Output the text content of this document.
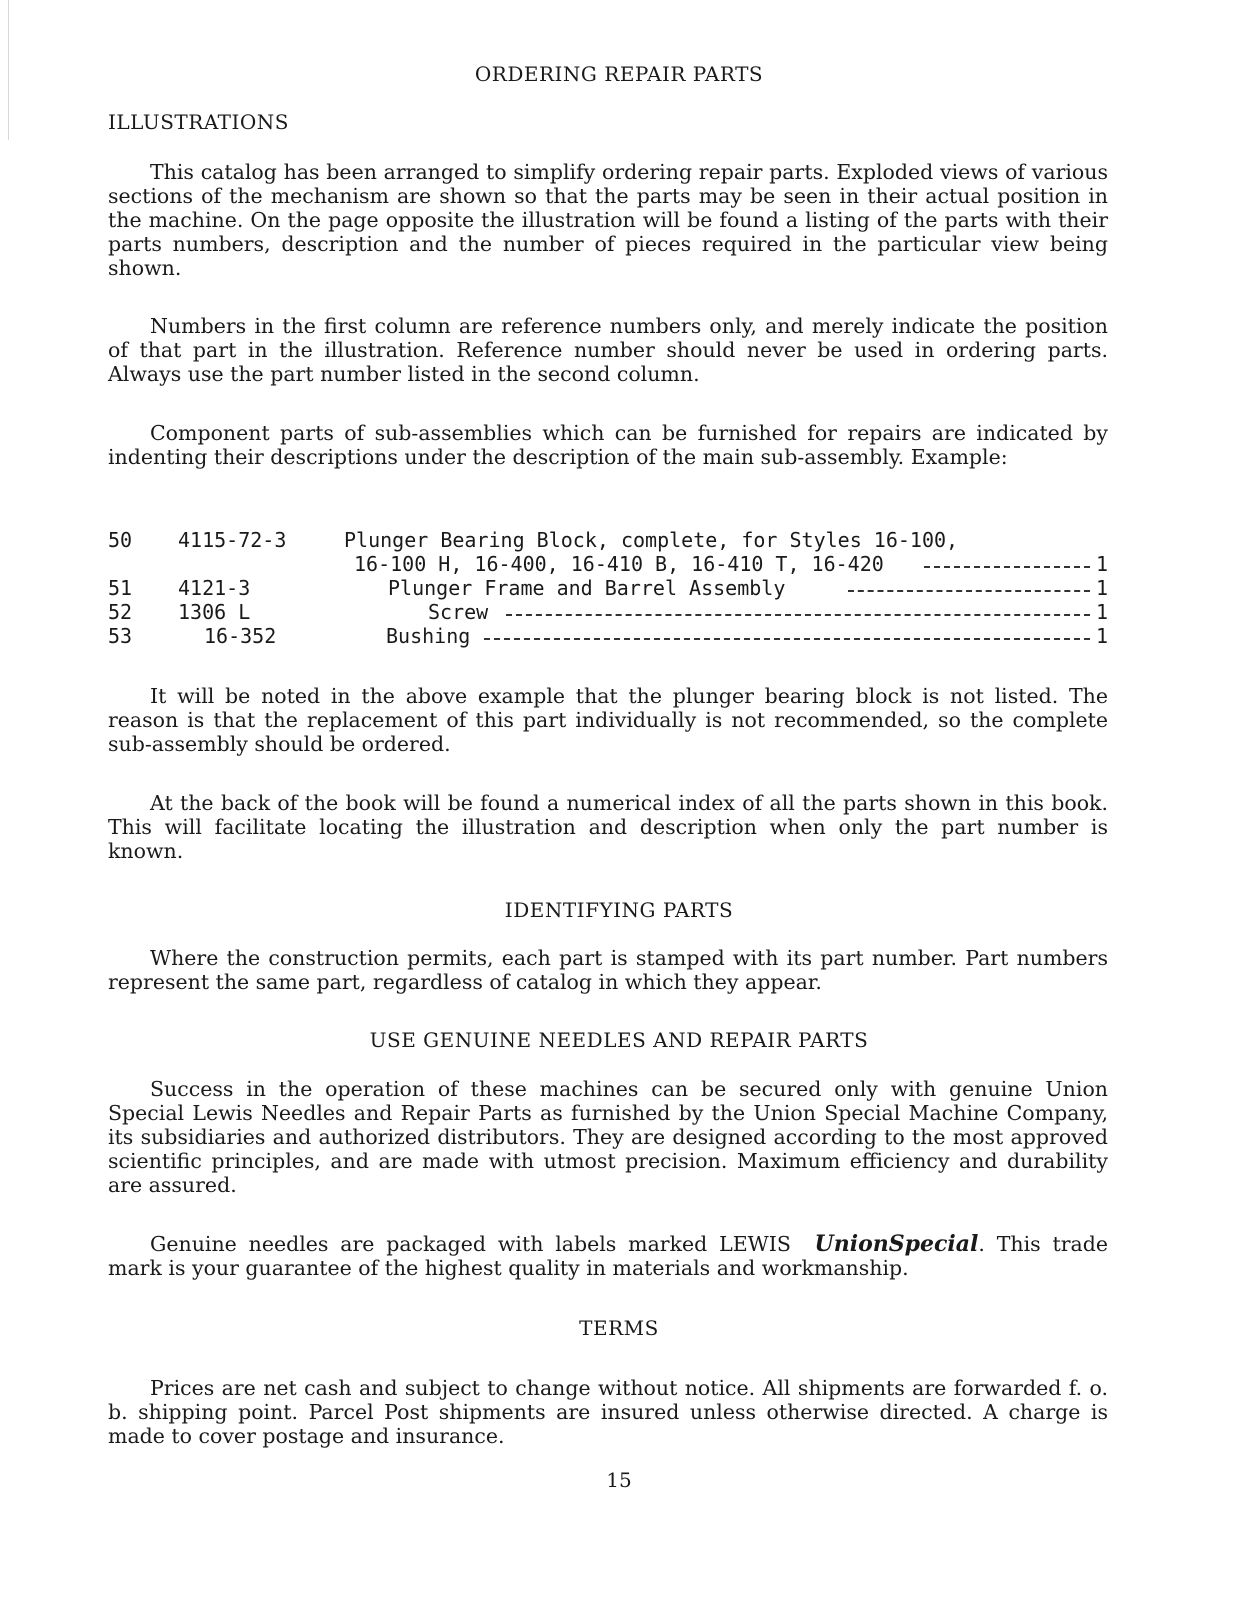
ORDERING REPAIR PARTS
ILLUSTRATIONS

This catalog has been arranged to simplify ordering repair parts. Exploded views of various sections of the mechanism are shown so that the parts may be seen in their actual position in the machine. On the page opposite the illustration will be found a listing of the parts with their parts numbers, description and the number of pieces required in the particular view being shown.

Numbers in the first column are reference numbers only, and merely indicate the position of that part in the illustration. Reference number should never be used in ordering parts. Always use the part number listed in the second column.

Component parts of sub-assemblies which can be furnished for repairs are indicated by indenting their descriptions under the description of the main sub-assembly. Example:

50 4115-72-3	Plunger Bearing Block, complete, for Styles 16-100,
16-100 H, 16-400, 16-410 B, 16-410 T, 16-420	1
51 4121-3	Plunger Frame and Barrel Assembly	1
52 1306 L	Screw	1
53	16-352	Bushing	1

It will be noted in the above example that the plunger bearing block is not listed. The reason is that the replacement of this part individually is not recommended, so the complete sub-assembly should be ordered.

At the back of the book will be found a numerical index of all the parts shown in this book. This will facilitate locating the illustration and description when only the part number is known.

IDENTIFYING PARTS

Where the construction permits, each part is stamped with its part number. Part numbers represent the same part, regardless of catalog in which they appear.

USE GENUINE NEEDLES AND REPAIR PARTS

Success in the operation of these machines can be secured only with genuine Union Special Lewis Needles and Repair Parts as furnished by the Union Special Machine Company, its subsidiaries and authorized distributors. They are designed according to the most approved scientific principles, and are made with utmost precision. Maximum efficiency and durability are assured.

Genuine needles are packaged with labels marked LEWIS UnionSpecial. This trade mark is your guarantee of the highest quality in materials and workmanship.

TERMS

Prices are net cash and subject to change without notice. All shipments are forwarded f. o. b. shipping point. Parcel Post shipments are insured unless otherwise directed. A charge is made to cover postage and insurance.

15
